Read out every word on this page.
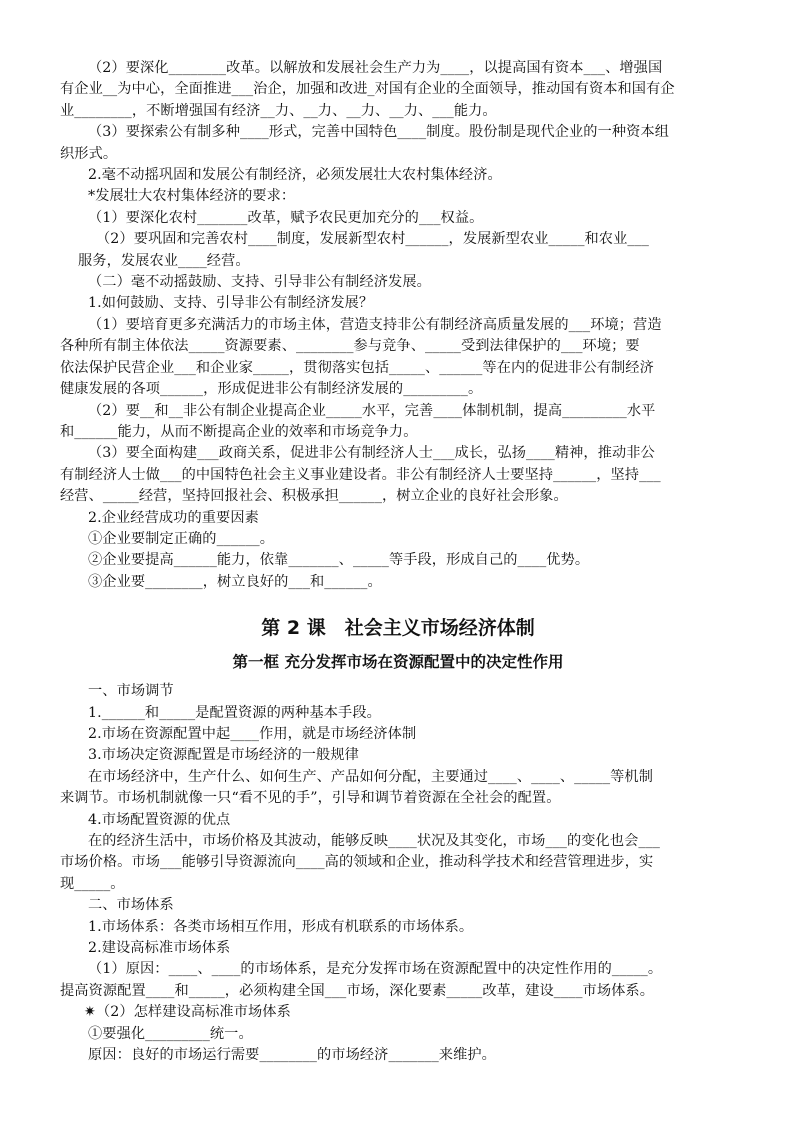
（2）要深化________改革。以解放和发展社会生产力为____，以提高国有资本___、增强国
有企业__为中心，全面推进___治企，加强和改进_对国有企业的全面领导，推动国有资本和国有企
业________，不断增强国有经济__力、__力、__力、__力、___能力。
（3）要探索公有制多种____形式，完善中国特色____制度。股份制是现代企业的一种资本组
织形式。
2.毫不动摇巩固和发展公有制经济，必须发展壮大农村集体经济。
*发展壮大农村集体经济的要求：
（1）要深化农村_______改革，赋予农民更加充分的___权益。
（2）要巩固和完善农村____制度，发展新型农村______，发展新型农业_____和农业___
服务，发展农业____经营。
（二）毫不动摇鼓励、支持、引导非公有制经济发展。
1.如何鼓励、支持、引导非公有制经济发展？
（1）要培育更多充满活力的市场主体，营造支持非公有制经济高质量发展的___环境；营造
各种所有制主体依法_____资源要素、________参与竞争、_____受到法律保护的___环境；要
依法保护民营企业___和企业家_____，贯彻落实包括_____、______等在内的促进非公有制经济
健康发展的各项______，形成促进非公有制经济发展的_________。
（2）要__和__非公有制企业提高企业_____水平，完善____体制机制，提高_________水平
和______能力，从而不断提高企业的效率和市场竞争力。
（3）要全面构建___政商关系，促进非公有制经济人士___成长，弘扬____精神，推动非公
有制经济人士做___的中国特色社会主义事业建设者。非公有制经济人士要坚持______，坚持___
经营、_____经营，坚持回报社会、积极承担______，树立企业的良好社会形象。
2.企业经营成功的重要因素
①企业要制定正确的______。
②企业要提高______能力，依靠_______、_____等手段，形成自己的____优势。
③企业要________，树立良好的___和______。
第 2 课　社会主义市场经济体制
第一框 充分发挥市场在资源配置中的决定性作用
一、市场调节
1.______和_____是配置资源的两种基本手段。
2.市场在资源配置中起____作用，就是市场经济体制
3.市场决定资源配置是市场经济的一般规律
在市场经济中，生产什么、如何生产、产品如何分配，主要通过____、____、_____等机制
来调节。市场机制就像一只“看不见的手”，引导和调节着资源在全社会的配置。
4.市场配置资源的优点
在的经济生活中，市场价格及其波动，能够反映____状况及其变化，市场___的变化也会___
市场价格。市场___能够引导资源流向____高的领域和企业，推动科学技术和经营管理进步，实
现_____。
二、市场体系
1.市场体系：各类市场相互作用，形成有机联系的市场体系。
2.建设高标准市场体系
（1）原因：____、____的市场体系，是充分发挥市场在资源配置中的决定性作用的_____。
提高资源配置____和_____，必须构建全国___市场，深化要素_____改革，建设____市场体系。
✷（2）怎样建设高标准市场体系
①要强化_________统一。
原因：良好的市场运行需要________的市场经济_______来维护。
